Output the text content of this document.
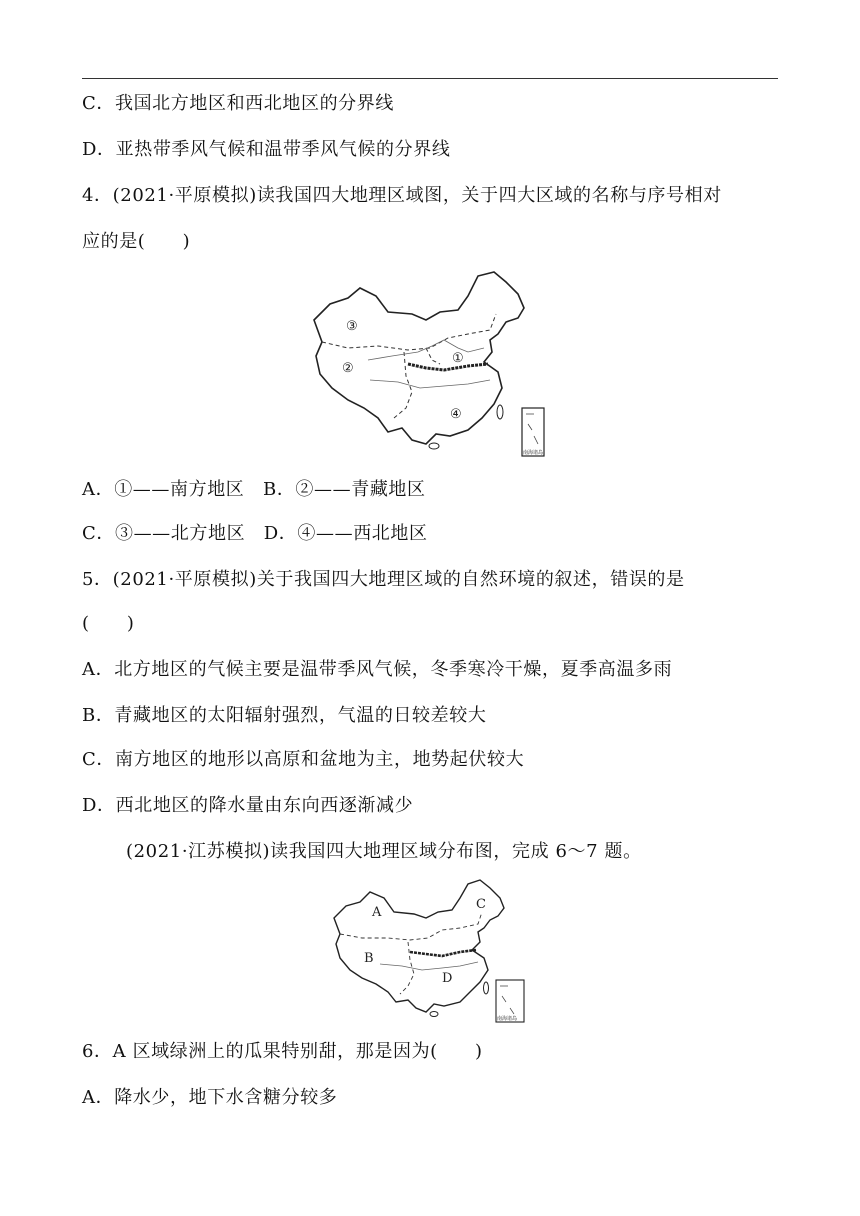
C．我国北方地区和西北地区的分界线
D．亚热带季风气候和温带季风气候的分界线
4．(2021·平原模拟)读我国四大地理区域图，关于四大区域的名称与序号相对
应的是(　　)
南海诸岛
①
②
③
④
A．①——南方地区　B．②——青藏地区
C．③——北方地区　D．④——西北地区
5．(2021·平原模拟)关于我国四大地理区域的自然环境的叙述，错误的是
(　　)
A．北方地区的气候主要是温带季风气候，冬季寒冷干燥，夏季高温多雨
B．青藏地区的太阳辐射强烈，气温的日较差较大
C．南方地区的地形以高原和盆地为主，地势起伏较大
D．西北地区的降水量由东向西逐渐减少
(2021·江苏模拟)读我国四大地理区域分布图，完成 6～7 题。
南海诸岛
A
B
C
D
6．A 区域绿洲上的瓜果特别甜，那是因为(　　)
A．降水少，地下水含糖分较多
